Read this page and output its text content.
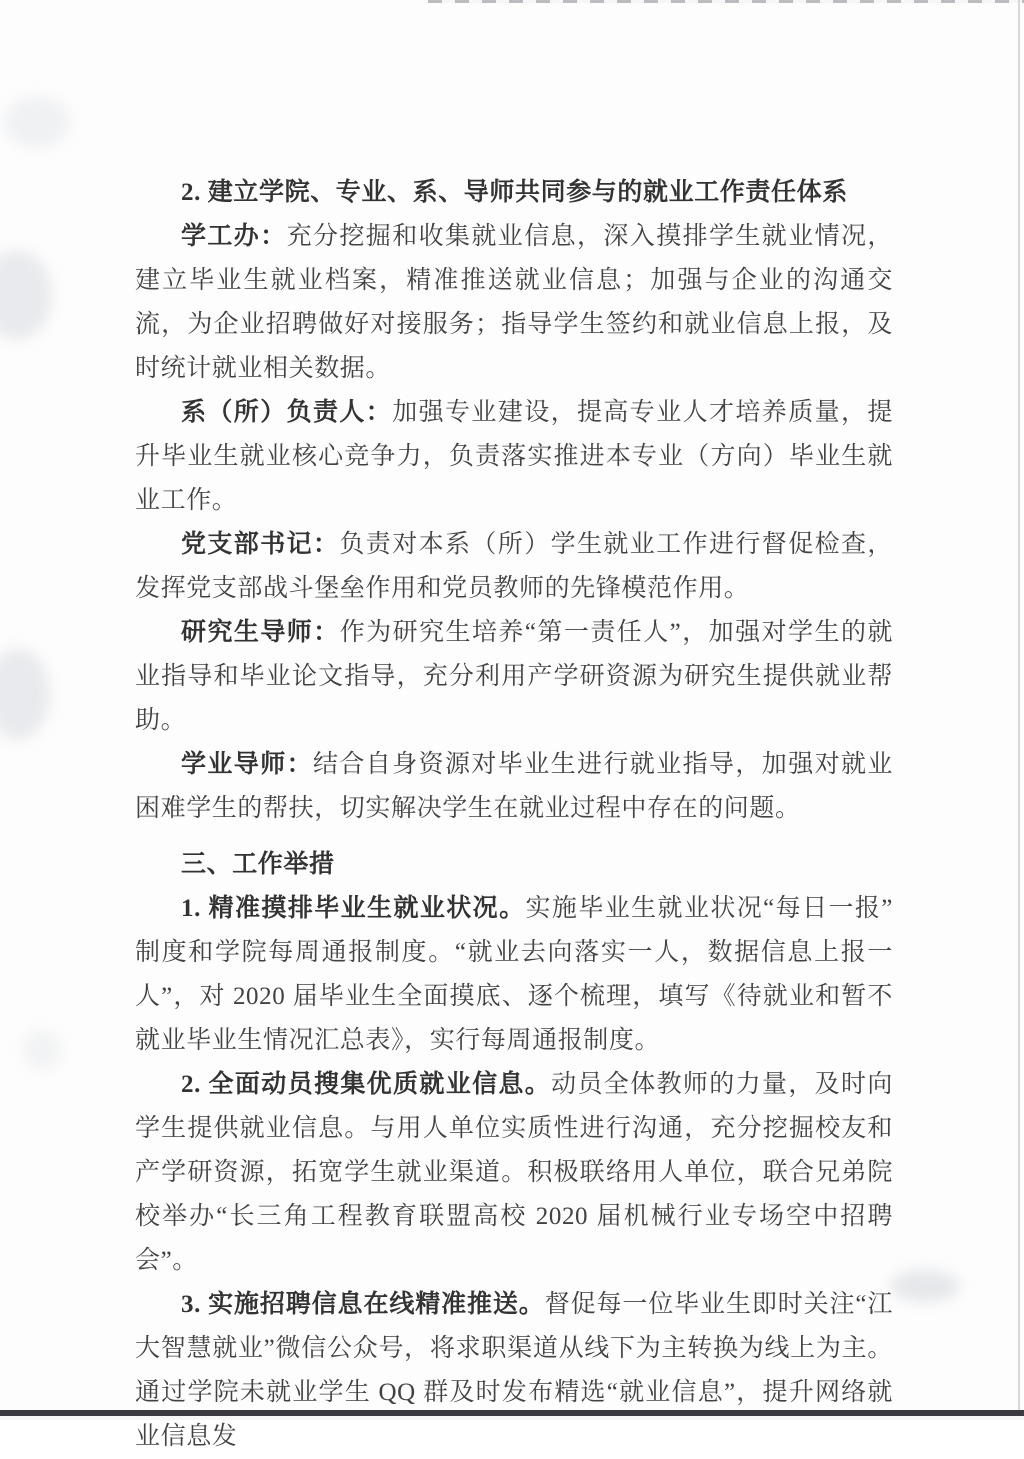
2. 建立学院、专业、系、导师共同参与的就业工作责任体系

学工办：充分挖掘和收集就业信息，深入摸排学生就业情况，建立毕业生就业档案，精准推送就业信息；加强与企业的沟通交流，为企业招聘做好对接服务；指导学生签约和就业信息上报，及时统计就业相关数据。

系（所）负责人：加强专业建设，提高专业人才培养质量，提升毕业生就业核心竞争力，负责落实推进本专业（方向）毕业生就业工作。

党支部书记：负责对本系（所）学生就业工作进行督促检查，发挥党支部战斗堡垒作用和党员教师的先锋模范作用。

研究生导师：作为研究生培养“第一责任人”，加强对学生的就业指导和毕业论文指导，充分利用产学研资源为研究生提供就业帮助。

学业导师：结合自身资源对毕业生进行就业指导，加强对就业困难学生的帮扶，切实解决学生在就业过程中存在的问题。

三、工作举措

1. 精准摸排毕业生就业状况。实施毕业生就业状况“每日一报”制度和学院每周通报制度。“就业去向落实一人，数据信息上报一人”，对 2020 届毕业生全面摸底、逐个梳理，填写《待就业和暂不就业毕业生情况汇总表》，实行每周通报制度。

2. 全面动员搜集优质就业信息。动员全体教师的力量，及时向学生提供就业信息。与用人单位实质性进行沟通，充分挖掘校友和产学研资源，拓宽学生就业渠道。积极联络用人单位，联合兄弟院校举办“长三角工程教育联盟高校 2020 届机械行业专场空中招聘会”。

3. 实施招聘信息在线精准推送。督促每一位毕业生即时关注“江大智慧就业”微信公众号，将求职渠道从线下为主转换为线上为主。通过学院未就业学生 QQ 群及时发布精选“就业信息”，提升网络就业信息发
